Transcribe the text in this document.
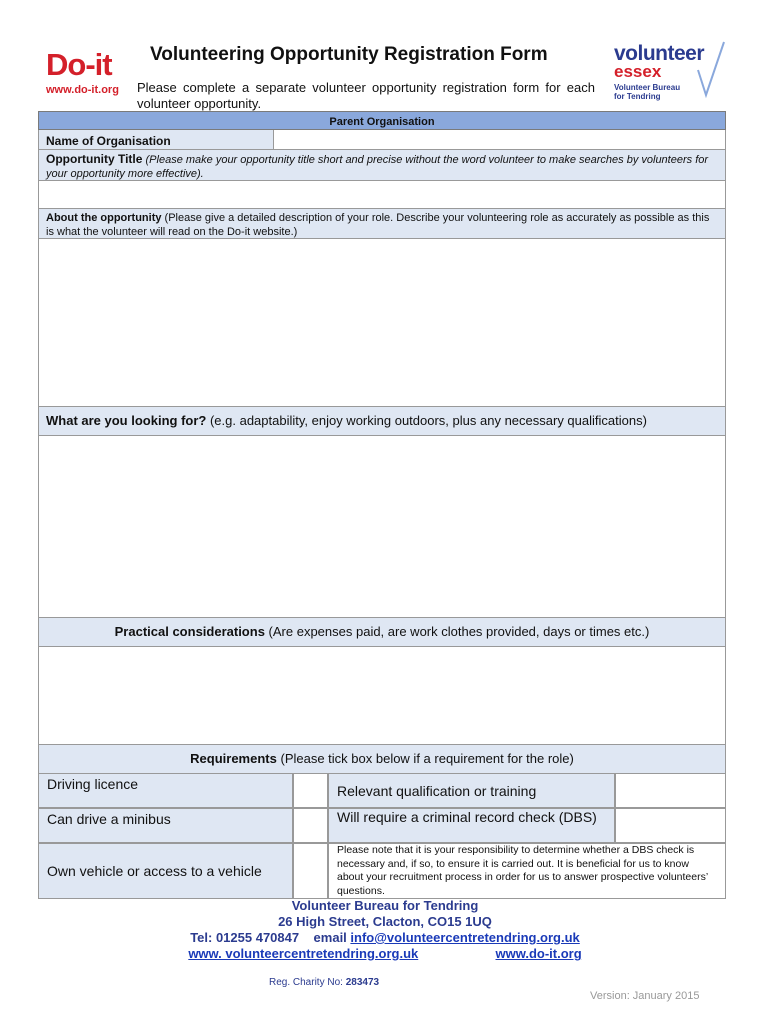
Do-it
www.do-it.org
volunteer
essex
Volunteer Bureau
for Tendring
Volunteering Opportunity Registration Form
Please complete a separate volunteer opportunity registration form for each volunteer opportunity.
Parent Organisation
Name of Organisation
Opportunity Title (Please make your opportunity title short and precise without the word volunteer to make searches by volunteers for your opportunity more effective).
About the opportunity (Please give a detailed description of your role. Describe your volunteering role as accurately as possible as this is what the volunteer will read on the Do-it website.)
What are you looking for? (e.g. adaptability, enjoy working outdoors, plus any necessary qualifications)
Practical considerations (Are expenses paid, are work clothes provided, days or times etc.)
Requirements (Please tick box below if a requirement for the role)
Driving licence	Relevant qualification or training
Can drive a minibus	Will require a criminal record check (DBS)
Own vehicle or access to a vehicle
Please note that it is your responsibility to determine whether a DBS check is necessary and, if so, to ensure it is carried out. It is beneficial for us to know about your recruitment process in order for us to answer prospective volunteers’ questions.
Volunteer Bureau for Tendring
26 High Street, Clacton, CO15 1UQ
Tel: 01255 470847 email info@volunteercentretendring.org.uk
www. volunteercentretendring.org.uk	www.do-it.org
Reg. Charity No: 283473
Version: January 2015
